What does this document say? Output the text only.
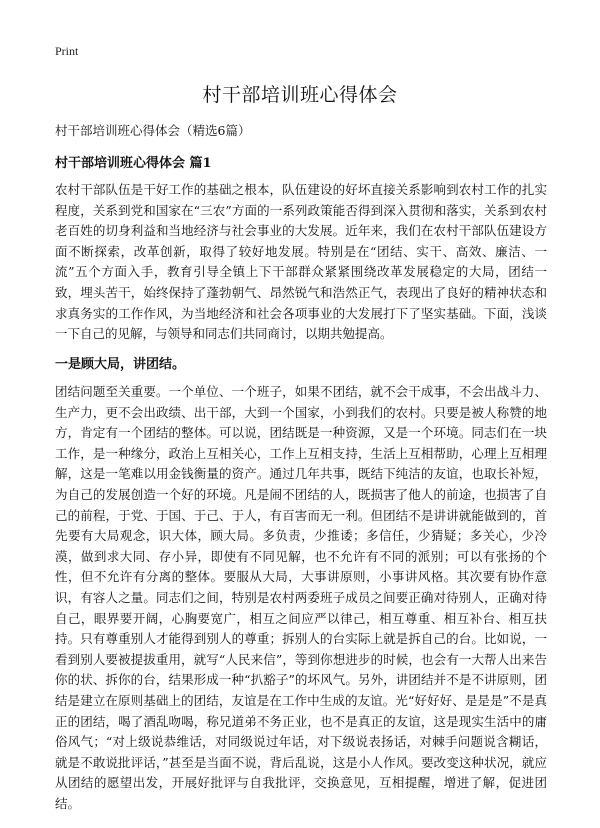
Print
村干部培训班心得体会

村干部培训班心得体会（精选6篇）

村干部培训班心得体会 篇1

农村干部队伍是干好工作的基础之根本，队伍建设的好坏直接关系影响到农村工作的扎实程度，关系到党和国家在“三农”方面的一系列政策能否得到深入贯彻和落实，关系到农村老百姓的切身利益和当地经济与社会事业的大发展。近年来，我们在农村干部队伍建设方面不断探索，改革创新，取得了较好地发展。特别是在“团结、实干、高效、廉洁、一流”五个方面入手，教育引导全镇上下干部群众紧紧围绕改革发展稳定的大局，团结一致，埋头苦干，始终保持了蓬勃朝气、昂然锐气和浩然正气，表现出了良好的精神状态和求真务实的工作作风，为当地经济和社会各项事业的大发展打下了坚实基础。下面，浅谈一下自己的见解，与领导和同志们共同商讨，以期共勉提高。

一是顾大局，讲团结。

团结问题至关重要。一个单位、一个班子，如果不团结，就不会干成事，不会出战斗力、生产力，更不会出政绩、出干部，大到一个国家，小到我们的农村。只要是被人称赞的地方，肯定有一个团结的整体。可以说，团结既是一种资源，又是一个环境。同志们在一块工作，是一种缘分，政治上互相关心，工作上互相支持，生活上互相帮助，心理上互相理解，这是一笔难以用金钱衡量的资产。通过几年共事，既结下纯洁的友谊，也取长补短，为自己的发展创造一个好的环境。凡是闹不团结的人，既损害了他人的前途，也损害了自己的前程，于党、于国、于己、于人，有百害而无一利。但团结不是讲讲就能做到的，首先要有大局观念，识大体，顾大局。多负责，少推诿；多信任，少猜疑；多关心，少冷漠，做到求大同、存小异，即使有不同见解，也不允许有不同的派别；可以有张扬的个性，但不允许有分离的整体。要服从大局，大事讲原则，小事讲风格。其次要有协作意识，有容人之量。同志们之间，特别是农村两委班子成员之间要正确对待别人，正确对待自己，眼界要开阔，心胸要宽广，相互之间应严以律己，相互尊重、相互补台、相互扶持。只有尊重别人才能得到别人的尊重；拆别人的台实际上就是拆自己的台。比如说，一看到别人要被提拔重用，就写“人民来信”，等到你想进步的时候，也会有一大帮人出来告你的状、拆你的台，结果形成一种“扒豁子”的坏风气。另外，讲团结并不是不讲原则，团结是建立在原则基础上的团结，友谊是在工作中生成的友谊。光“好好好、是是是”不是真正的团结，喝了酒乱吻喝，称兄道弟不务正业，也不是真正的友谊，这是现实生活中的庸俗风气；“对上级说恭维话，对同级说过年话，对下级说表扬话，对棘手问题说含糊话，就是不敢说批评话，”甚至是当面不说，背后乱说，这是小人作风。要改变这种状况，就应从团结的愿望出发，开展好批评与自我批评，交换意见，互相提醒，增进了解，促进团结。
